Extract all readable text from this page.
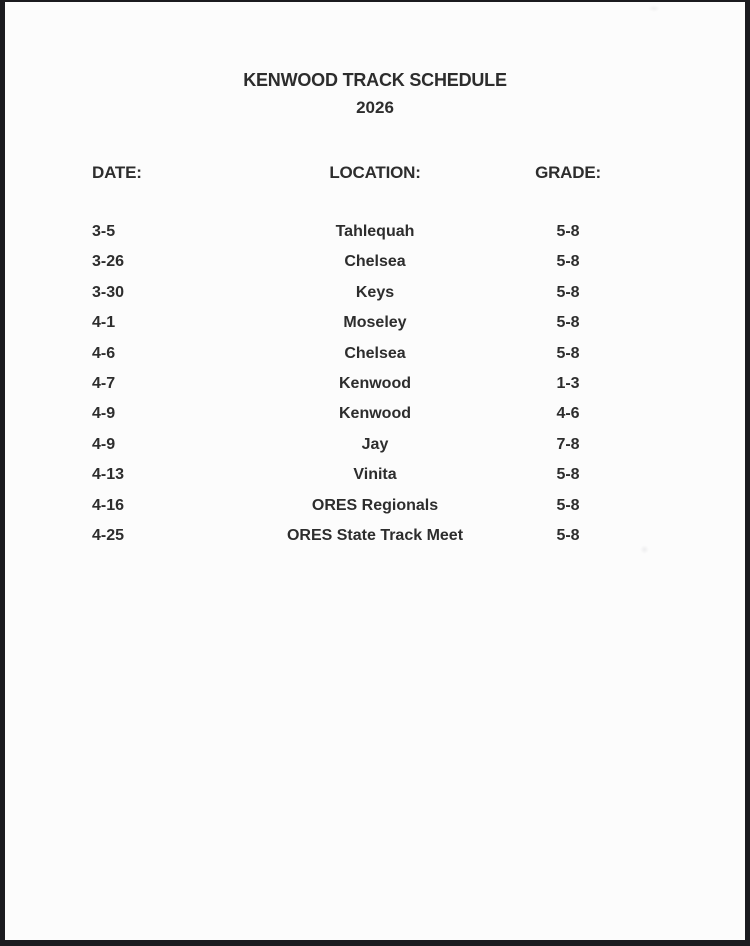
KENWOOD TRACK SCHEDULE
2026
DATE:	LOCATION:	GRADE:
3-5	Tahlequah	5-8
3-26	Chelsea	5-8
3-30	Keys	5-8
4-1	Moseley	5-8
4-6	Chelsea	5-8
4-7	Kenwood	1-3
4-9	Kenwood	4-6
4-9	Jay	7-8
4-13	Vinita	5-8
4-16	ORES Regionals	5-8
4-25	ORES State Track Meet	5-8
